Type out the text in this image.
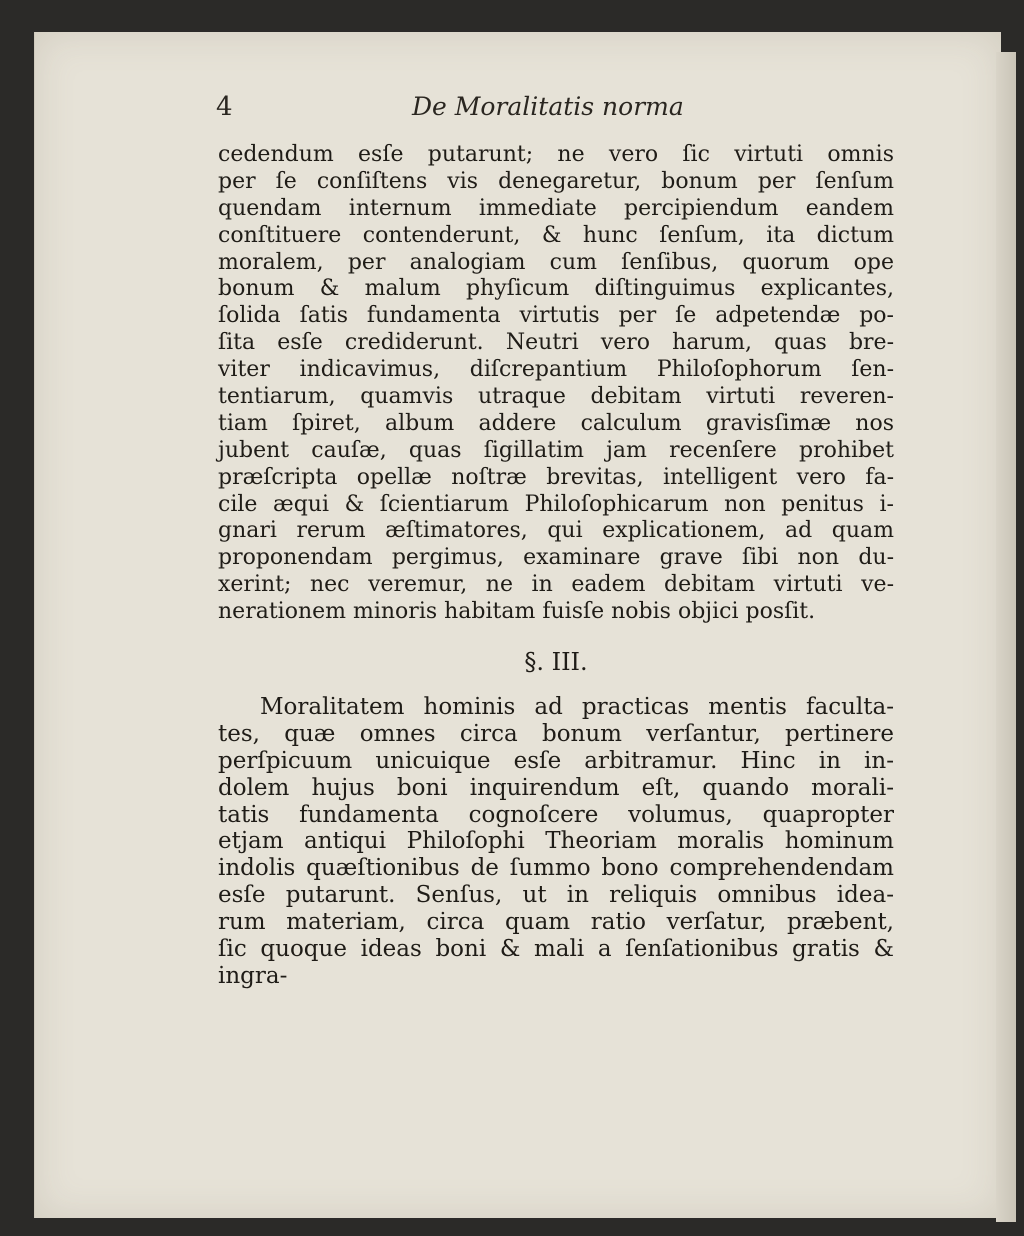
4	De Moralitatis norma
cedendum esſe putarunt; ne vero ſic virtuti omnis
per ſe conſiſtens vis denegaretur, bonum per ſenſum
quendam internum immediate percipiendum eandem
conſtituere contenderunt, & hunc ſenſum, ita dictum
moralem, per analogiam cum ſenſibus, quorum ope
bonum & malum phyſicum diſtinguimus explicantes,
ſolida ſatis fundamenta virtutis per ſe adpetendæ po-
ſita esſe crediderunt. Neutri vero harum, quas bre-
viter indicavimus, diſcrepantium Philoſophorum ſen-
tentiarum, quamvis utraque debitam virtuti reveren-
tiam ſpiret, album addere calculum gravisſimæ nos
jubent cauſæ, quas ſigillatim jam recenſere prohibet
præſcripta opellæ noſtræ brevitas, intelligent vero fa-
cile æqui & ſcientiarum Philoſophicarum non penitus i-
gnari rerum æſtimatores, qui explicationem, ad quam
proponendam pergimus, examinare grave ſibi non du-
xerint; nec veremur, ne in eadem debitam virtuti ve-
nerationem minoris habitam fuisſe nobis objici posſit.
§. III.
Moralitatem hominis ad practicas mentis faculta-
tes, quæ omnes circa bonum verſantur, pertinere
perſpicuum unicuique esſe arbitramur. Hinc in in-
dolem hujus boni inquirendum eſt, quando morali-
tatis fundamenta cognoſcere volumus, quapropter
etjam antiqui Philoſophi Theoriam moralis hominum
indolis quæſtionibus de ſummo bono comprehendendam
esſe putarunt. Senſus, ut in reliquis omnibus idea-
rum materiam, circa quam ratio verſatur, præbent,
ſic quoque ideas boni & mali a ſenſationibus gratis &
ingra-
